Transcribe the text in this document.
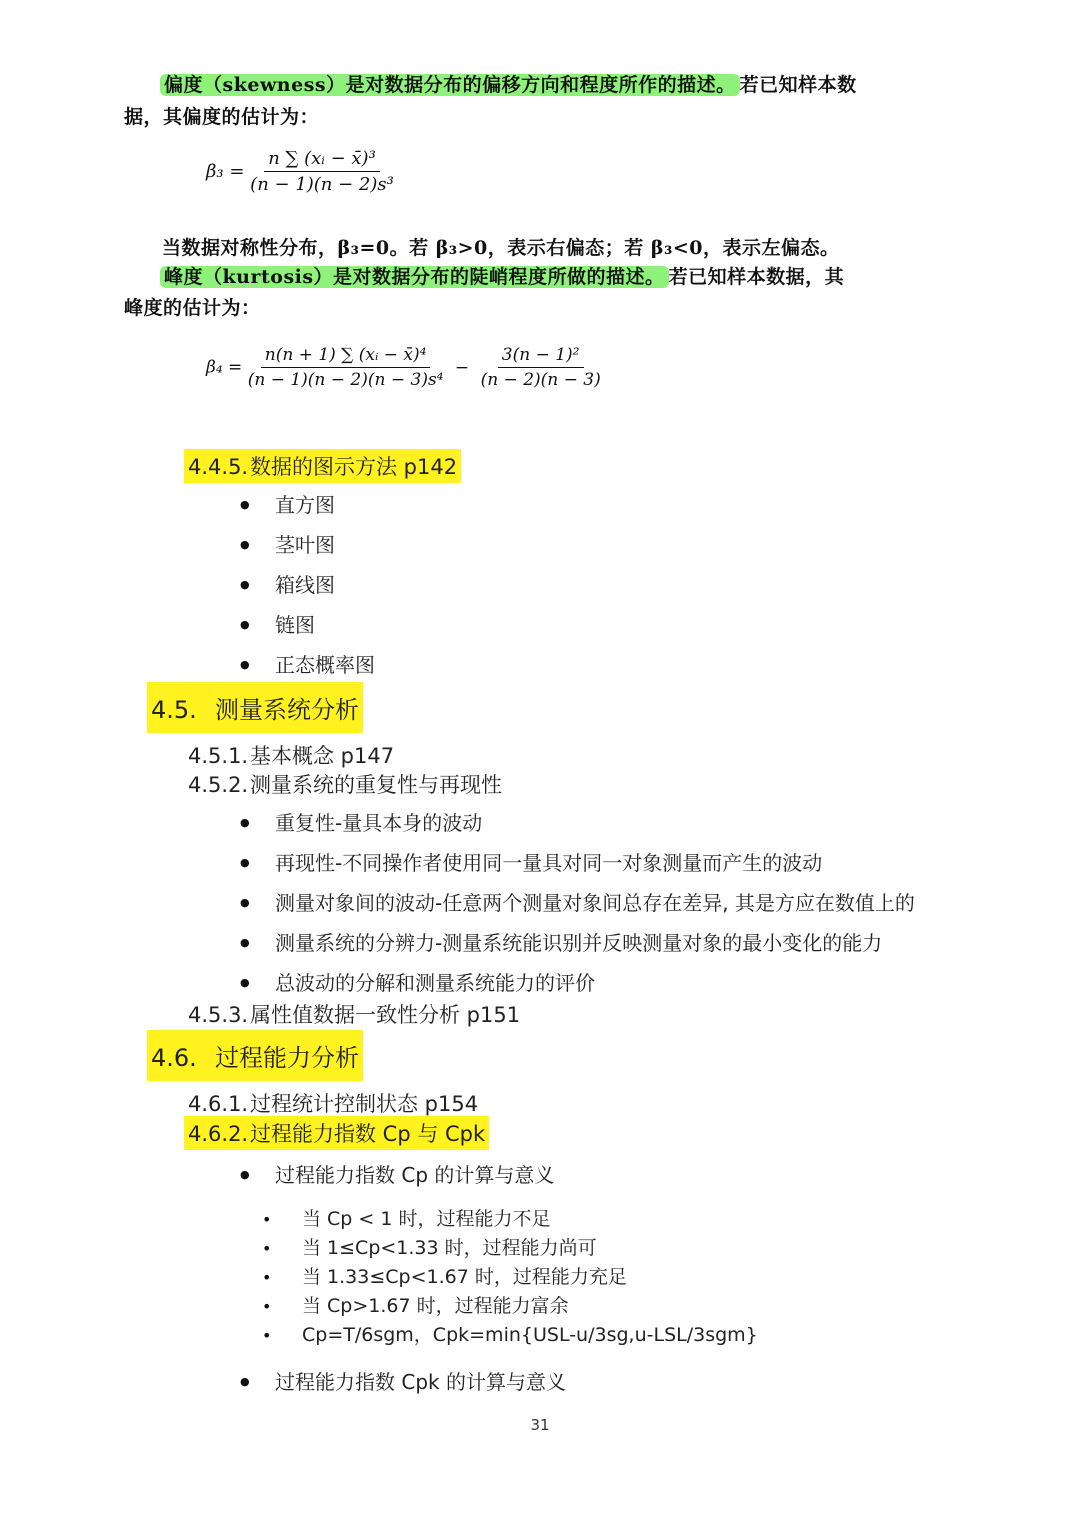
偏度（skewness）是对数据分布的偏移方向和程度所作的描述。 若已知样本数
据，其偏度的估计为：
$\beta_3 = \frac{\text{n ∑ (xᵢ − x̄)³}}{\text{(n − 1)(n − 2)s³}}$
当数据对称性分布，β₃=0。若 β₃>0，表示右偏态；若 β₃<0，表示左偏态。
峰度（kurtosis）是对数据分布的陡峭程度所做的描述。 若已知样本数据，其
峰度的估计为：
$\beta_4 = \frac{\text{n(n + 1) ∑ (xᵢ − x̄)⁴}}{\text{(n − 1)(n − 2)(n − 3)s⁴}} - \frac{\text{3(n − 1)²}}{(n - 2)(n - 3)}$
4.4.5.数据的图示方法 p142
● 直方图
● 茎叶图
● 箱线图
● 链图
● 正态概率图
4.5. 测量系统分析
4.5.1.基本概念 p147
4.5.2.测量系统的重复性与再现性
● 重复性-量具本身的波动
● 再现性-不同操作者使用同一量具对同一对象测量而产生的波动
● 测量对象间的波动-任意两个测量对象间总存在差异, 其是方应在数值上的
● 测量系统的分辨力-测量系统能识别并反映测量对象的最小变化的能力
● 总波动的分解和测量系统能力的评价
4.5.3.属性值数据一致性分析 p151
4.6. 过程能力分析
4.6.1.过程统计控制状态 p154
4.6.2.过程能力指数 Cp 与 Cpk
● 过程能力指数 Cp 的计算与意义
• 当 Cp < 1 时，过程能力不足
• 当 1≤Cp<1.33 时，过程能力尚可
• 当 1.33≤Cp<1.67 时，过程能力充足
• 当 Cp>1.67 时，过程能力富余
• Cp=T/6sgm，Cpk=min{USL-u/3sg,u-LSL/3sgm}
● 过程能力指数 Cpk 的计算与意义
31
